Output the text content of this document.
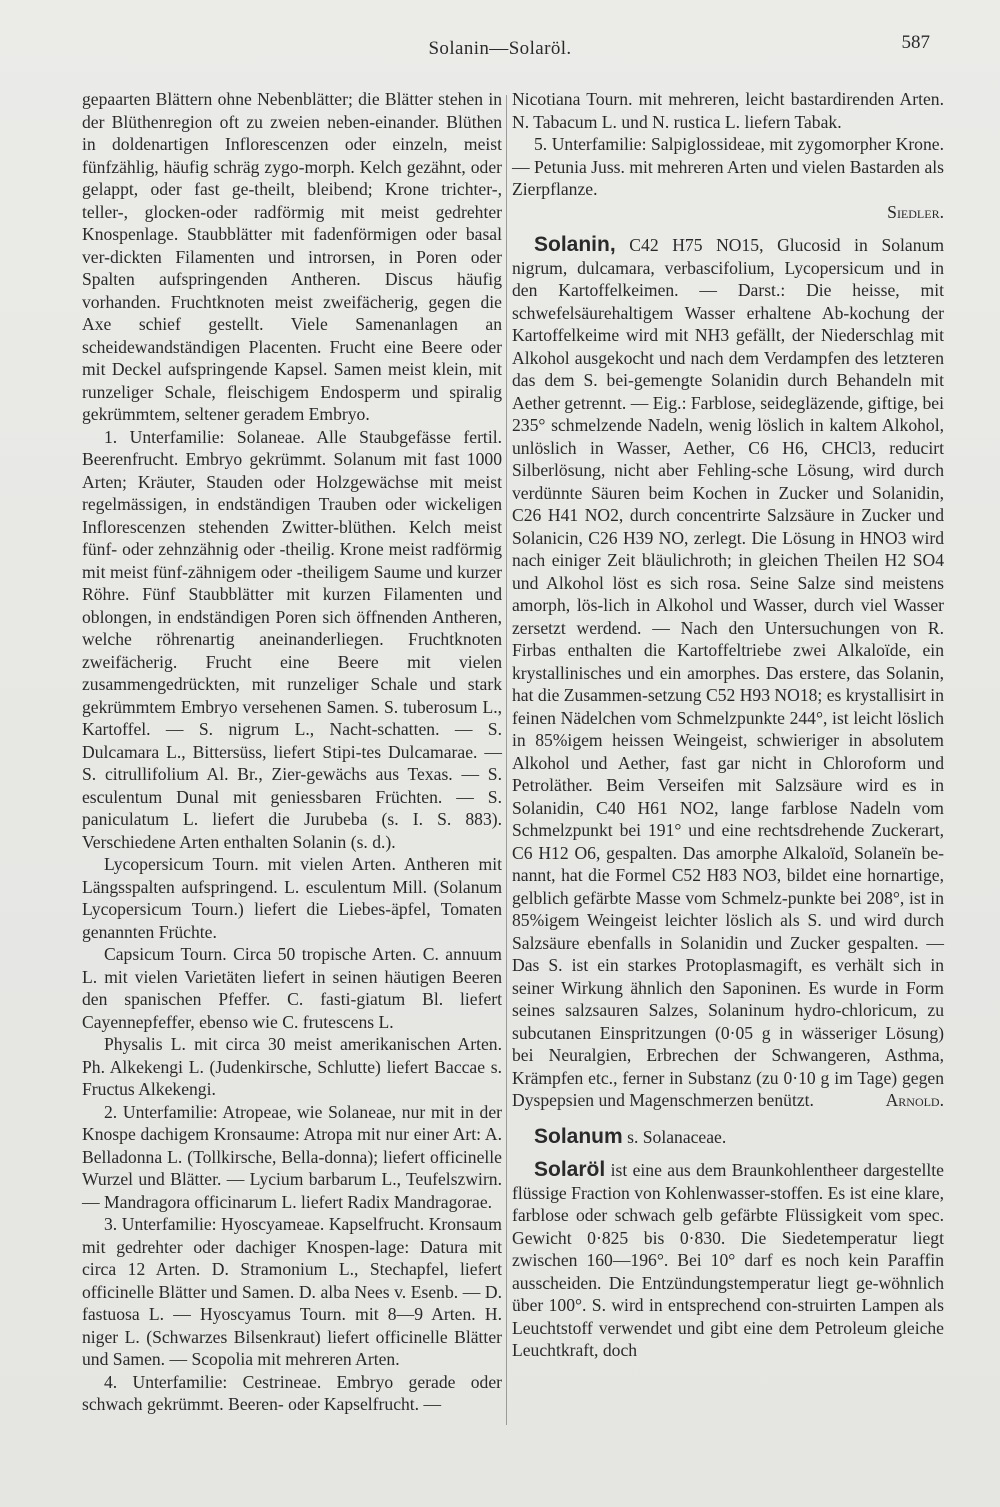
Solanin—Solaröl.	587

gepaarten Blättern ohne Nebenblätter; die Blätter stehen in der Blüthenregion oft zu zweien neben-einander. Blüthen in doldenartigen Inflorescenzen oder einzeln, meist fünfzählig, häufig schräg zygo-morph. Kelch gezähnt, oder gelappt, oder fast ge-theilt, bleibend; Krone trichter-, teller-, glocken-oder radförmig mit meist gedrehter Knospenlage. Staubblätter mit fadenförmigen oder basal ver-dickten Filamenten und introrsen, in Poren oder Spalten aufspringenden Antheren. Discus häufig vorhanden. Fruchtknoten meist zweifächerig, gegen die Axe schief gestellt. Viele Samenanlagen an scheidewandständigen Placenten. Frucht eine Beere oder mit Deckel aufspringende Kapsel. Samen meist klein, mit runzeliger Schale, fleischigem Endosperm und spiralig gekrümmtem, seltener geradem Embryo.

1. Unterfamilie: Solaneae. Alle Staubgefässe fertil. Beerenfrucht. Embryo gekrümmt. Solanum mit fast 1000 Arten; Kräuter, Stauden oder Holzgewächse mit meist regelmässigen, in endständigen Trauben oder wickeligen Inflorescenzen stehenden Zwitter-blüthen. Kelch meist fünf- oder zehnzähnig oder -theilig. Krone meist radförmig mit meist fünf-zähnigem oder -theiligem Saume und kurzer Röhre. Fünf Staubblätter mit kurzen Filamenten und oblongen, in endständigen Poren sich öffnenden Antheren, welche röhrenartig aneinanderliegen. Fruchtknoten zweifächerig. Frucht eine Beere mit vielen zusammengedrückten, mit runzeliger Schale und stark gekrümmtem Embryo versehenen Samen. S. tuberosum L., Kartoffel. — S. nigrum L., Nacht-schatten. — S. Dulcamara L., Bittersüss, liefert Stipi-tes Dulcamarae. — S. citrullifolium Al. Br., Zier-gewächs aus Texas. — S. esculentum Dunal mit geniessbaren Früchten. — S. paniculatum L. liefert die Jurubeba (s. I. S. 883). Verschiedene Arten enthalten Solanin (s. d.).

Lycopersicum Tourn. mit vielen Arten. Antheren mit Längsspalten aufspringend. L. esculentum Mill. (Solanum Lycopersicum Tourn.) liefert die Liebes-äpfel, Tomaten genannten Früchte.

Capsicum Tourn. Circa 50 tropische Arten. C. annuum L. mit vielen Varietäten liefert in seinen häutigen Beeren den spanischen Pfeffer. C. fasti-giatum Bl. liefert Cayennepfeffer, ebenso wie C. frutescens L.

Physalis L. mit circa 30 meist amerikanischen Arten. Ph. Alkekengi L. (Judenkirsche, Schlutte) liefert Baccae s. Fructus Alkekengi.

2. Unterfamilie: Atropeae, wie Solaneae, nur mit in der Knospe dachigem Kronsaume: Atropa mit nur einer Art: A. Belladonna L. (Tollkirsche, Bella-donna); liefert officinelle Wurzel und Blätter. — Lycium barbarum L., Teufelszwirn. — Mandragora officinarum L. liefert Radix Mandragorae.

3. Unterfamilie: Hyoscyameae. Kapselfrucht. Kronsaum mit gedrehter oder dachiger Knospen-lage: Datura mit circa 12 Arten. D. Stramonium L., Stechapfel, liefert officinelle Blätter und Samen. D. alba Nees v. Esenb. — D. fastuosa L. — Hyoscyamus Tourn. mit 8—9 Arten. H. niger L. (Schwarzes Bilsenkraut) liefert officinelle Blätter und Samen. — Scopolia mit mehreren Arten.

4. Unterfamilie: Cestrineae. Embryo gerade oder schwach gekrümmt. Beeren- oder Kapselfrucht. —

Nicotiana Tourn. mit mehreren, leicht bastardirenden Arten. N. Tabacum L. und N. rustica L. liefern Tabak.

5. Unterfamilie: Salpiglossideae, mit zygomorpher Krone. — Petunia Juss. mit mehreren Arten und vielen Bastarden als Zierpflanze.

Siedler.

Solanin, C42 H75 NO15, Glucosid in Solanum nigrum, dulcamara, verbascifolium, Lycopersicum und in den Kartoffelkeimen. — Darst.: Die heisse, mit schwefelsäurehaltigem Wasser erhaltene Ab-kochung der Kartoffelkeime wird mit NH3 gefällt, der Niederschlag mit Alkohol ausgekocht und nach dem Verdampfen des letzteren das dem S. bei-gemengte Solanidin durch Behandeln mit Aether getrennt. — Eig.: Farblose, seidegläzende, giftige, bei 235° schmelzende Nadeln, wenig löslich in kaltem Alkohol, unlöslich in Wasser, Aether, C6 H6, CHCl3, reducirt Silberlösung, nicht aber Fehling-sche Lösung, wird durch verdünnte Säuren beim Kochen in Zucker und Solanidin, C26 H41 NO2, durch concentrirte Salzsäure in Zucker und Solanicin, C26 H39 NO, zerlegt. Die Lösung in HNO3 wird nach einiger Zeit bläulichroth; in gleichen Theilen H2 SO4 und Alkohol löst es sich rosa. Seine Salze sind meistens amorph, lös-lich in Alkohol und Wasser, durch viel Wasser zersetzt werdend. — Nach den Untersuchungen von R. Firbas enthalten die Kartoffeltriebe zwei Alkaloïde, ein krystallinisches und ein amorphes. Das erstere, das Solanin, hat die Zusammen-setzung C52 H93 NO18; es krystallisirt in feinen Nädelchen vom Schmelzpunkte 244°, ist leicht löslich in 85%igem heissen Weingeist, schwieriger in absolutem Alkohol und Aether, fast gar nicht in Chloroform und Petroläther. Beim Verseifen mit Salzsäure wird es in Solanidin, C40 H61 NO2, lange farblose Nadeln vom Schmelzpunkt bei 191° und eine rechtsdrehende Zuckerart, C6 H12 O6, gespalten. Das amorphe Alkaloïd, Solaneïn be-nannt, hat die Formel C52 H83 NO3, bildet eine hornartige, gelblich gefärbte Masse vom Schmelz-punkte bei 208°, ist in 85%igem Weingeist leichter löslich als S. und wird durch Salzsäure ebenfalls in Solanidin und Zucker gespalten. — Das S. ist ein starkes Protoplasmagift, es verhält sich in seiner Wirkung ähnlich den Saponinen. Es wurde in Form seines salzsauren Salzes, Solaninum hydro-chloricum, zu subcutanen Einspritzungen (0·05 g in wässeriger Lösung) bei Neuralgien, Erbrechen der Schwangeren, Asthma, Krämpfen etc., ferner in Substanz (zu 0·10 g im Tage) gegen Dyspepsien und Magenschmerzen benützt.	Arnold.

Solanum s. Solanaceae.

Solaröl ist eine aus dem Braunkohlentheer dargestellte flüssige Fraction von Kohlenwasser-stoffen. Es ist eine klare, farblose oder schwach gelb gefärbte Flüssigkeit vom spec. Gewicht 0·825 bis 0·830. Die Siedetemperatur liegt zwischen 160—196°. Bei 10° darf es noch kein Paraffin ausscheiden. Die Entzündungstemperatur liegt ge-wöhnlich über 100°. S. wird in entsprechend con-struirten Lampen als Leuchtstoff verwendet und gibt eine dem Petroleum gleiche Leuchtkraft, doch
